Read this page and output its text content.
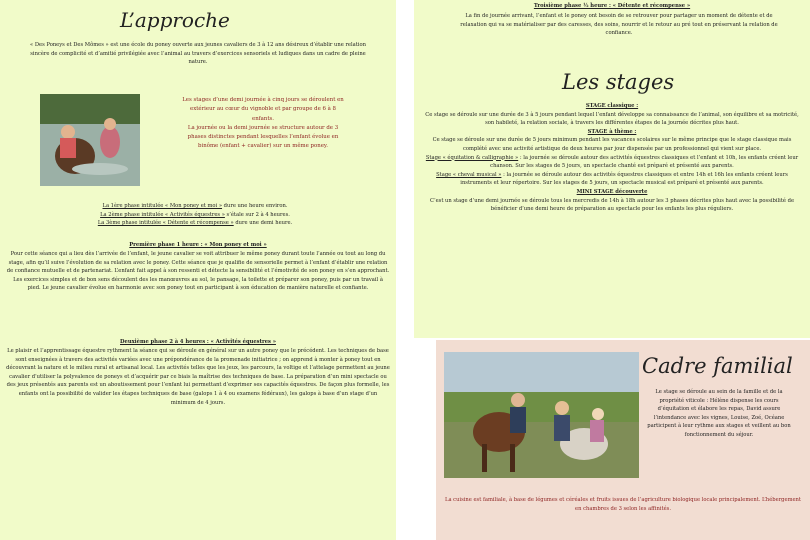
L’approche
« Des Poneys et Des Mômes » est une école du poney ouverte aux jeunes cavaliers de 3 à 12 ans désireux d’établir une relation sincère de complicité et d’amitié privilégiée avec l’animal au travers d’exercices sensoriels et ludiques dans un cadre de pleine nature.
Les stages d’une demi journée à cinq jours se déroulent en
extérieur au cœur du vignoble et par groupe de 6 à 8
enfants.
La journée ou la demi journée se structure autour de 3
phases distinctes pendant lesquelles l’enfant évolue en
binôme (enfant + cavalier) sur un même poney.
La 1ère phase intitulée « Mon poney et moi » dure une heure environ.
La 2ème phase intitulée « Activités équestres » s’étale sur 2 à 4 heures.
La 3ème phase intitulée « Détente et récompense » dure une demi heure.
Première phase 1 heure : « Mon poney et moi »
Pour cette séance qui a lieu dès l’arrivée de l’enfant, le jeune cavalier se voit attribuer le même poney durant toute l’année ou tout au long du stage, afin qu’il suive l’évolution de sa relation avec le poney. Cette séance que je qualifie de sensorielle permet à l’enfant d’établir une relation de confiance mutuelle et de partenariat. L’enfant fait appel à son ressenti et détecte la sensibilité et l’émotivité de son poney en s’en approchant. Les exercices simples et de bon sens découlent des les manœuvres au sol, le pansage, la toilette et préparer son poney, puis par un travail à pied. Le jeune cavalier évolue en harmonie avec son poney tout en participant à son éducation de manière naturelle et confiante.
Deuxième phase 2 à 4 heures : « Activités équestres »
Le plaisir et l’apprentissage équestre rythment la séance qui se déroule en général sur un autre poney que le précédent. Les techniques de base sont enseignées à travers des activités variées avec une prépondérance de la promenade initiatrice ; on apprend à monter à poney tout en découvrant la nature et le milieu rural et artisanal local. Les activités telles que les jeux, les parcours, la voltige et l’attelage permettent au jeune cavalier d’utiliser la polyvalence de poneys et d’acquérir par ce biais la maîtrise des techniques de base. La préparation d’un mini spectacle ou des jeux présentés aux parents est un aboutissement pour l’enfant lui permettant d’exprimer ses capacités équestres. De façon plus formelle, les enfants ont la possibilité de valider les étapes techniques de base (galops 1 à 4 ou examens fédéraux), les galops à base d’un stage d’un minimum de 4 jours.
Troisième phase ½ heure : « Détente et récompense »
La fin de journée arrivant, l’enfant et le poney ont besoin de se retrouver pour partager un moment de détente et de relaxation qui va se matérialiser par des caresses, des soins, nourrir et le retour au pré tout en préservant la relation de confiance.
Les stages
STAGE classique :
Ce stage se déroule sur une durée de 3 à 5 jours pendant lequel l’enfant développe sa connaissance de l’animal, son équilibre et sa motricité, son habileté, la relation sociale, à travers les différentes étapes de la journée décrites plus haut.
STAGE à thème :
Ce stage se déroule sur une durée de 5 jours minimum pendant les vacances scolaires sur le même principe que le stage classique mais complété avec une activité artistique de deux heures par jour dispensée par un professionnel qui vient sur place.
Stage « équitation & calligraphie » : la journée se déroule autour des activités équestres classiques et l’enfant et 10h, les enfants créent leur chanson. Sur les stages de 5 jours, un spectacle chanté est préparé et présenté aux parents.
Stage « cheval musical » : la journée se déroule autour des activités équestres classiques et entre 14h et 16h les enfants créent leurs instruments et leur répertoire. Sur les stages de 5 jours, un spectacle musical est préparé et présenté aux parents.
MINI STAGE découverte
C’est un stage d’une demi journée se déroule tous les mercredis de 14h à 18h autour les 3 phases décrites plus haut avec la possibilité de bénéficier d’une demi heure de préparation au spectacle pour les enfants les plus réguliers.
Cadre familial
Le stage se déroule au sein de la famille et de la propriété viticole : Hélène dispense les cours d’équitation et élabore les repas, David assure l’intendance avec les vignes, Louise, Zoé, Océane participent à leur rythme aux stages et veillent au bon fonctionnement du séjour.
La cuisine est familiale, à base de légumes et céréales et fruits issues de l’agriculture biologique locale principalement. L’hébergement en chambres de 3 selon les affinités.
